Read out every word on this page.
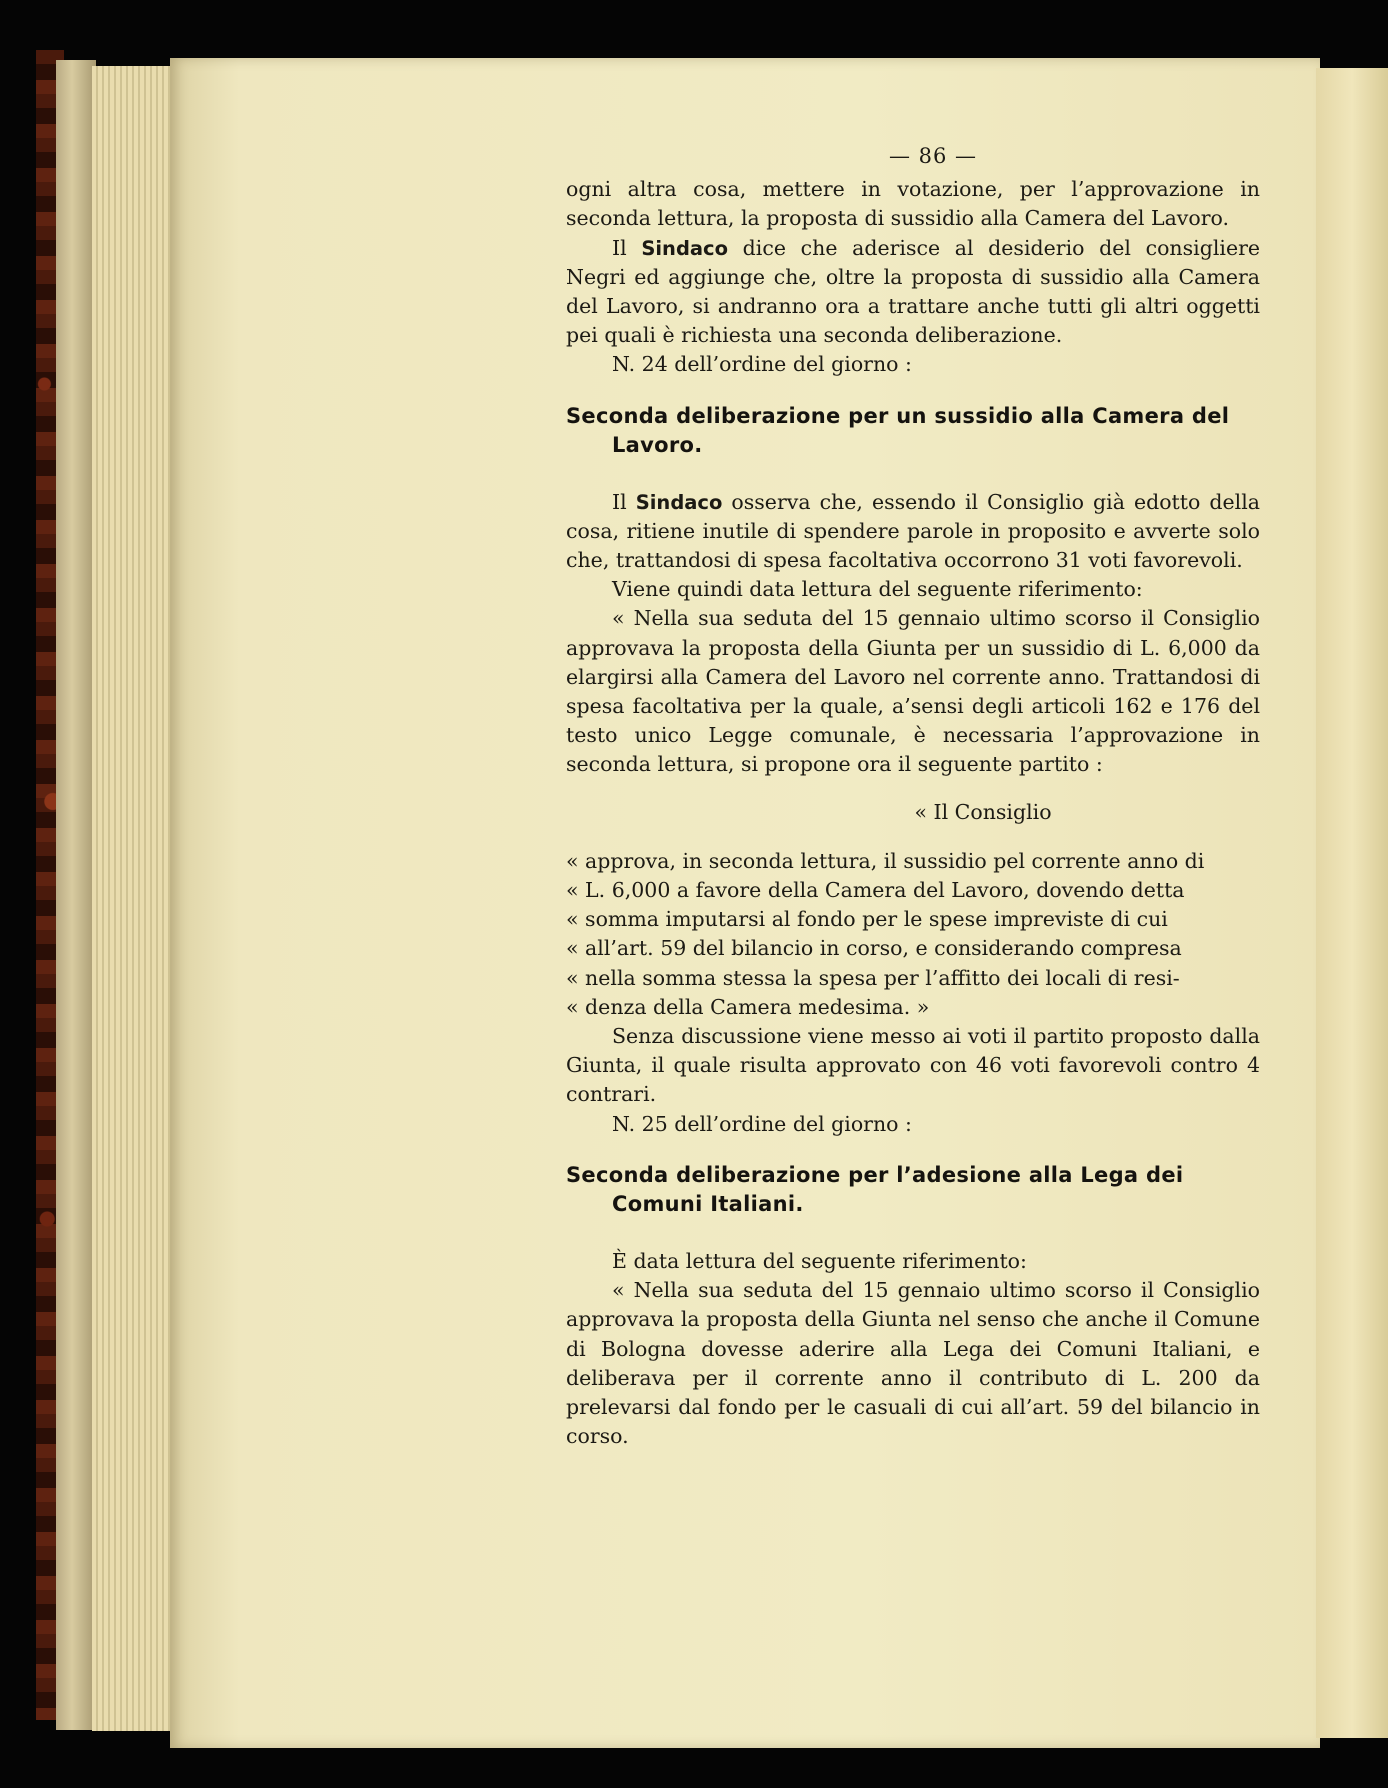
— 86 —

ogni altra cosa, mettere in votazione, per l’approvazione in seconda lettura, la proposta di sussidio alla Camera del Lavoro.

Il Sindaco dice che aderisce al desiderio del consigliere Negri ed aggiunge che, oltre la proposta di sussidio alla Camera del Lavoro, si andranno ora a trattare anche tutti gli altri oggetti pei quali è richiesta una seconda deliberazione.

N. 24 dell’ordine del giorno :

Seconda deliberazione per un sussidio alla Camera del Lavoro.

Il Sindaco osserva che, essendo il Consiglio già edotto della cosa, ritiene inutile di spendere parole in proposito e avverte solo che, trattandosi di spesa facoltativa occorrono 31 voti favorevoli.

Viene quindi data lettura del seguente riferimento:

« Nella sua seduta del 15 gennaio ultimo scorso il Consiglio approvava la proposta della Giunta per un sussidio di L. 6,000 da elargirsi alla Camera del Lavoro nel corrente anno. Trattandosi di spesa facoltativa per la quale, a’sensi degli articoli 162 e 176 del testo unico Legge comunale, è necessaria l’approvazione in seconda lettura, si propone ora il seguente partito :

« Il Consiglio

« approva, in seconda lettura, il sussidio pel corrente anno di

« L. 6,000 a favore della Camera del Lavoro, dovendo detta

« somma imputarsi al fondo per le spese impreviste di cui

« all’art. 59 del bilancio in corso, e considerando compresa

« nella somma stessa la spesa per l’affitto dei locali di resi-

« denza della Camera medesima. »

Senza discussione viene messo ai voti il partito proposto dalla Giunta, il quale risulta approvato con 46 voti favorevoli contro 4 contrari.

N. 25 dell’ordine del giorno :

Seconda deliberazione per l’adesione alla Lega dei Comuni Italiani.

È data lettura del seguente riferimento:

« Nella sua seduta del 15 gennaio ultimo scorso il Consiglio approvava la proposta della Giunta nel senso che anche il Comune di Bologna dovesse aderire alla Lega dei Comuni Italiani, e deliberava per il corrente anno il contributo di L. 200 da prelevarsi dal fondo per le casuali di cui all’art. 59 del bilancio in corso.
